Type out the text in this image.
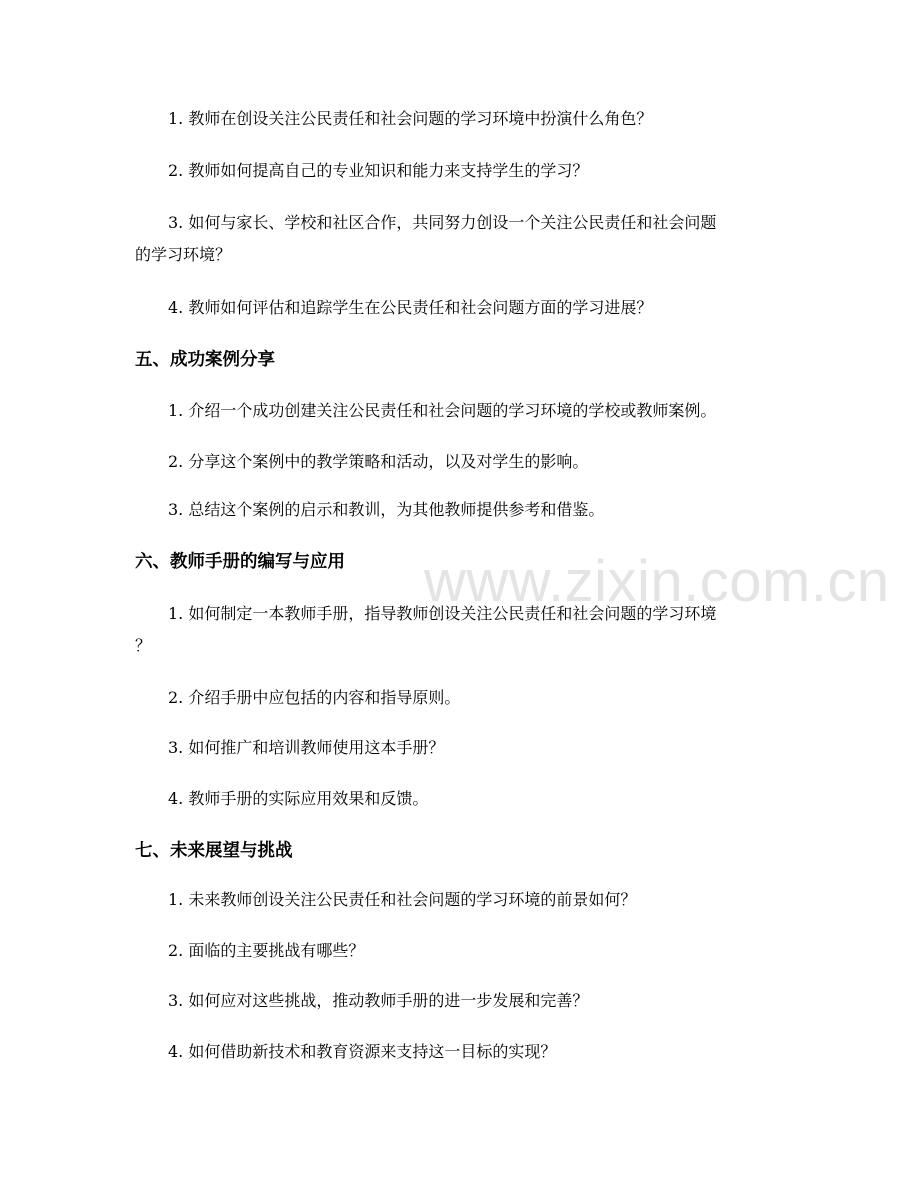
www.zixin.com.cn
1. 教师在创设关注公民责任和社会问题的学习环境中扮演什么角色？
2. 教师如何提高自己的专业知识和能力来支持学生的学习？
3. 如何与家长、学校和社区合作，共同努力创设一个关注公民责任和社会问题
的学习环境？
4. 教师如何评估和追踪学生在公民责任和社会问题方面的学习进展？
五、成功案例分享
1. 介绍一个成功创建关注公民责任和社会问题的学习环境的学校或教师案例。
2. 分享这个案例中的教学策略和活动，以及对学生的影响。
3. 总结这个案例的启示和教训，为其他教师提供参考和借鉴。
六、教师手册的编写与应用
1. 如何制定一本教师手册，指导教师创设关注公民责任和社会问题的学习环境
？
2. 介绍手册中应包括的内容和指导原则。
3. 如何推广和培训教师使用这本手册？
4. 教师手册的实际应用效果和反馈。
七、未来展望与挑战
1. 未来教师创设关注公民责任和社会问题的学习环境的前景如何？
2. 面临的主要挑战有哪些？
3. 如何应对这些挑战，推动教师手册的进一步发展和完善？
4. 如何借助新技术和教育资源来支持这一目标的实现？
